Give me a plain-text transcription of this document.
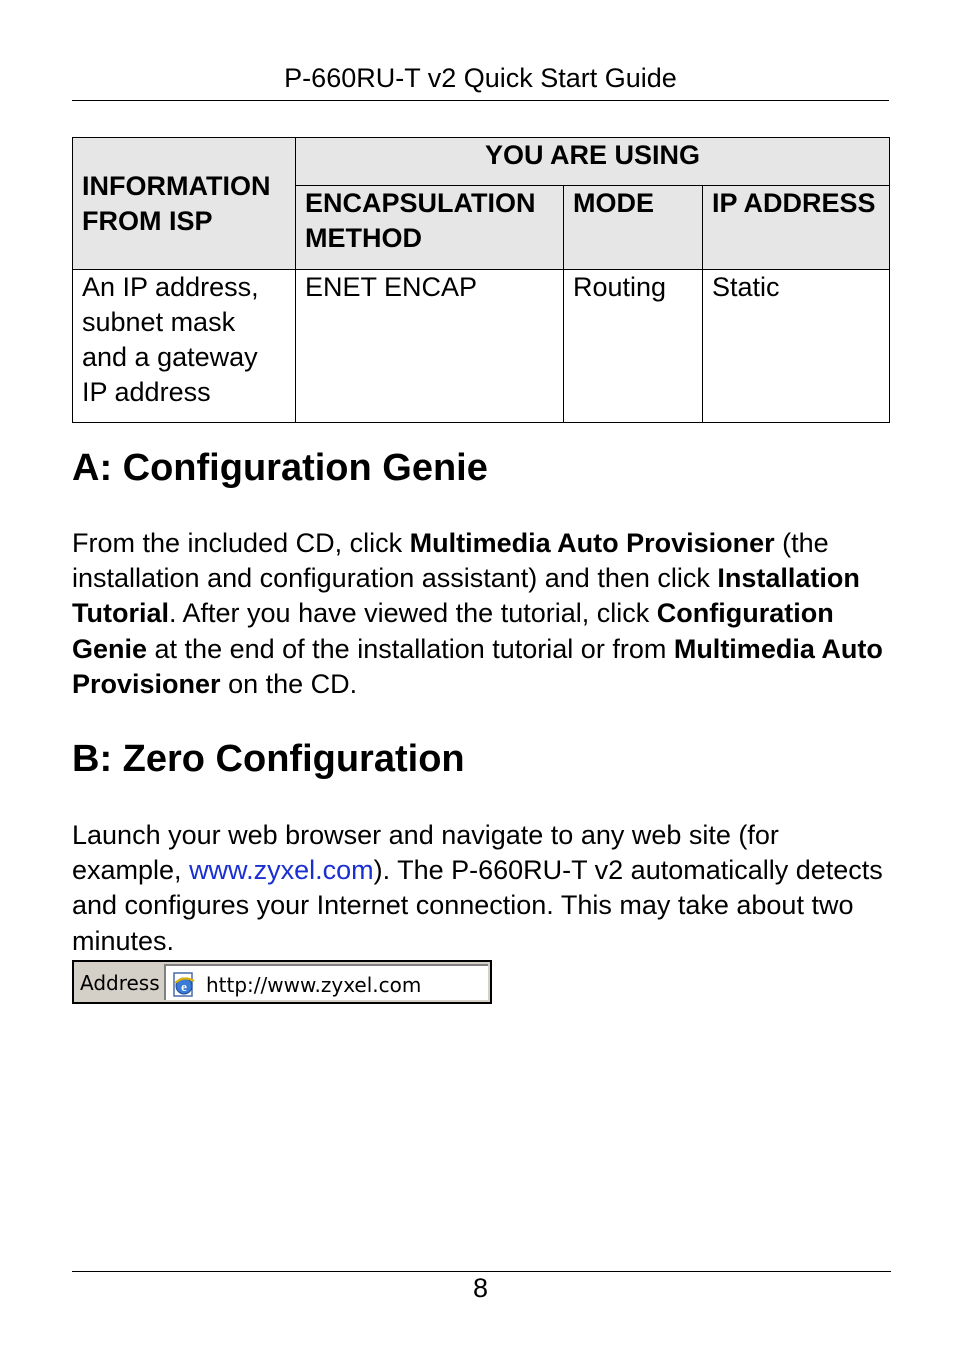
P-660RU-T v2 Quick Start Guide
INFORMATION FROM ISP	YOU ARE USING		
	ENCAPSULATION METHOD	MODE	IP ADDRESS
An IP address, subnet mask and a gateway IP address	ENET ENCAP	Routing	Static
A: Configuration Genie

From the included CD, click Multimedia Auto Provisioner (the installation and configuration assistant) and then click Installation Tutorial. After you have viewed the tutorial, click Configuration Genie at the end of the installation tutorial or from Multimedia Auto Provisioner on the CD.

B: Zero Configuration

Launch your web browser and navigate to any web site (for example, www.zyxel.com). The P-660RU-T v2 automatically detects and configures your Internet connection. This may take about two minutes.

Address e http://www.zyxel.com
8
